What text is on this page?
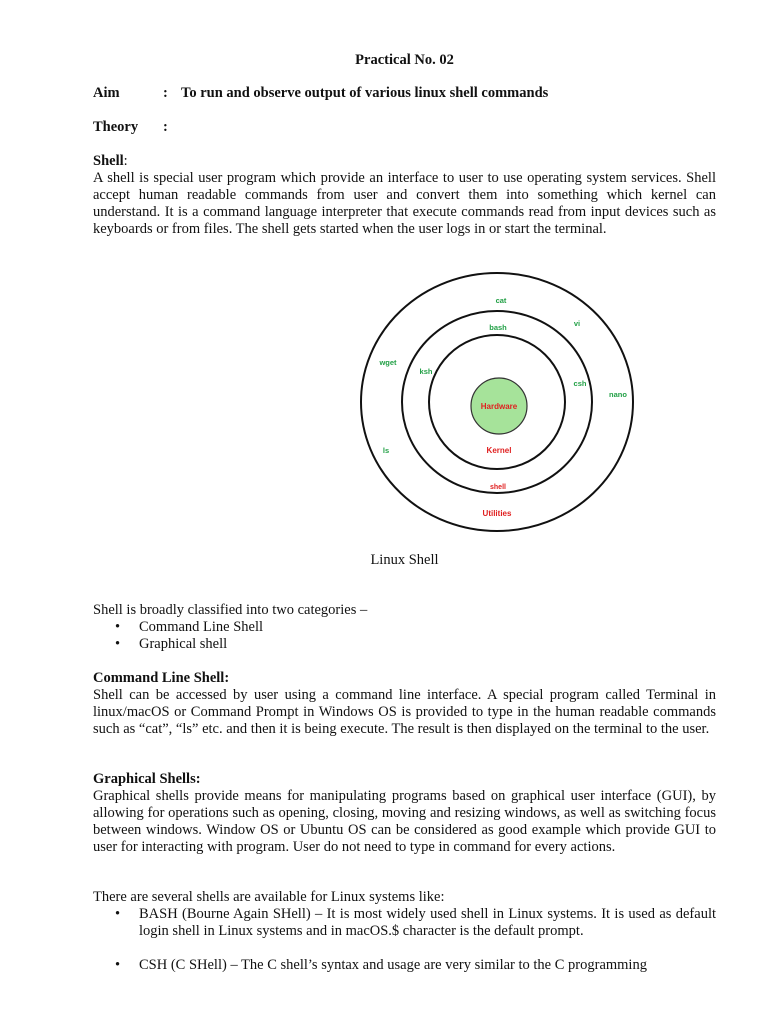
Practical No. 02
Aim	: To run and observe output of various linux shell commands
Theory :
Shell:
A shell is special user program which provide an interface to user to use operating system services. Shell accept human readable commands from user and convert them into something which kernel can understand. It is a command language interpreter that execute commands read from input devices such as keyboards or from files. The shell gets started when the user logs in or start the terminal.
Hardware
Kernel
shell
Utilities
bash
ksh
csh
cat
vi
wget
nano
ls
Linux Shell
Shell is broadly classified into two categories –
• Command Line Shell
• Graphical shell
Command Line Shell:
Shell can be accessed by user using a command line interface. A special program called Terminal in linux/macOS or Command Prompt in Windows OS is provided to type in the human readable commands such as “cat”, “ls” etc. and then it is being execute. The result is then displayed on the terminal to the user.
Graphical Shells:
Graphical shells provide means for manipulating programs based on graphical user interface (GUI), by allowing for operations such as opening, closing, moving and resizing windows, as well as switching focus between windows. Window OS or Ubuntu OS can be considered as good example which provide GUI to user for interacting with program. User do not need to type in command for every actions.
There are several shells are available for Linux systems like:
• BASH (Bourne Again SHell) – It is most widely used shell in Linux systems. It is used as default login shell in Linux systems and in macOS.$ character is the default prompt.
• CSH (C SHell) – The C shell’s syntax and usage are very similar to the C programming
